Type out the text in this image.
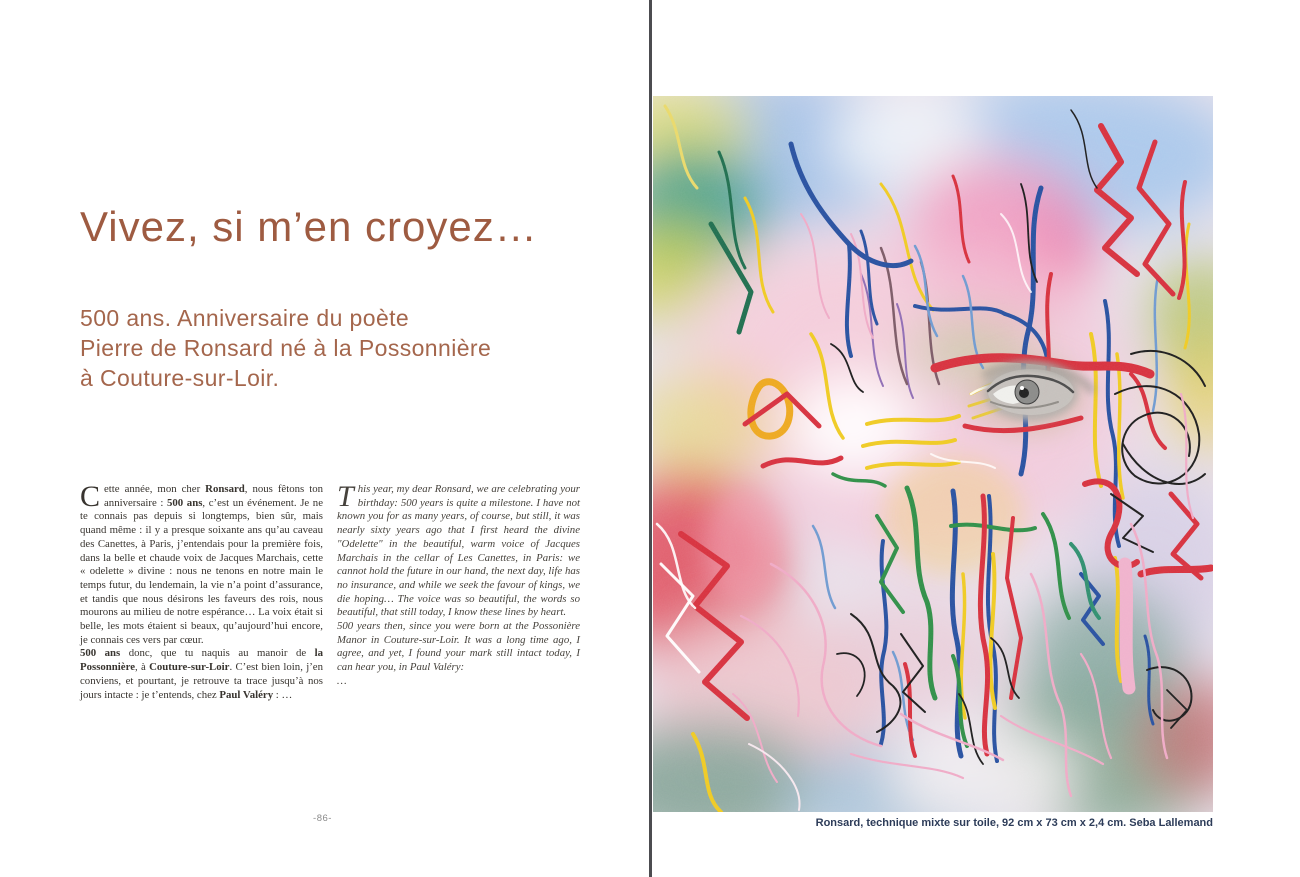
Vivez, si m’en croyez…
500 ans. Anniversaire du poète
Pierre de Ronsard né à la Possonnière
à Couture-sur-Loir.

Cette année, mon cher Ronsard, nous fêtons ton anniversaire : 500 ans, c’est un événement. Je ne te connais pas depuis si longtemps, bien sûr, mais quand même : il y a presque soixante ans qu’au caveau des Canettes, à Paris, j’entendais pour la première fois, dans la belle et chaude voix de Jacques Marchais, cette « odelette » divine : nous ne tenons en notre main le temps futur, du lendemain, la vie n’a point d’assurance, et tandis que nous désirons les faveurs des rois, nous mourons au milieu de notre espérance… La voix était si belle, les mots étaient si beaux, qu’aujourd’hui encore, je connais ces vers par cœur.

500 ans donc, que tu naquis au manoir de la Possonnière, à Couture-sur-Loir. C’est bien loin, j’en conviens, et pourtant, je retrouve ta trace jusqu’à nos jours intacte : je t’entends, chez Paul Valéry : …

This year, my dear Ronsard, we are celebrating your birthday: 500 years is quite a milestone. I have not known you for as many years, of course, but still, it was nearly sixty years ago that I first heard the divine "Odelette" in the beautiful, warm voice of Jacques Marchais in the cellar of Les Canettes, in Paris: we cannot hold the future in our hand, the next day, life has no insurance, and while we seek the favour of kings, we die hoping… The voice was so beautiful, the words so beautiful, that still today, I know these lines by heart.

500 years then, since you were born at the Possonière Manor in Couture-sur-Loir. It was a long time ago, I agree, and yet, I found your mark still intact today, I can hear you, in Paul Valéry:

…

-86-	Ronsard, technique mixte sur toile, 92 cm x 73 cm x 2,4 cm. Seba Lallemand
